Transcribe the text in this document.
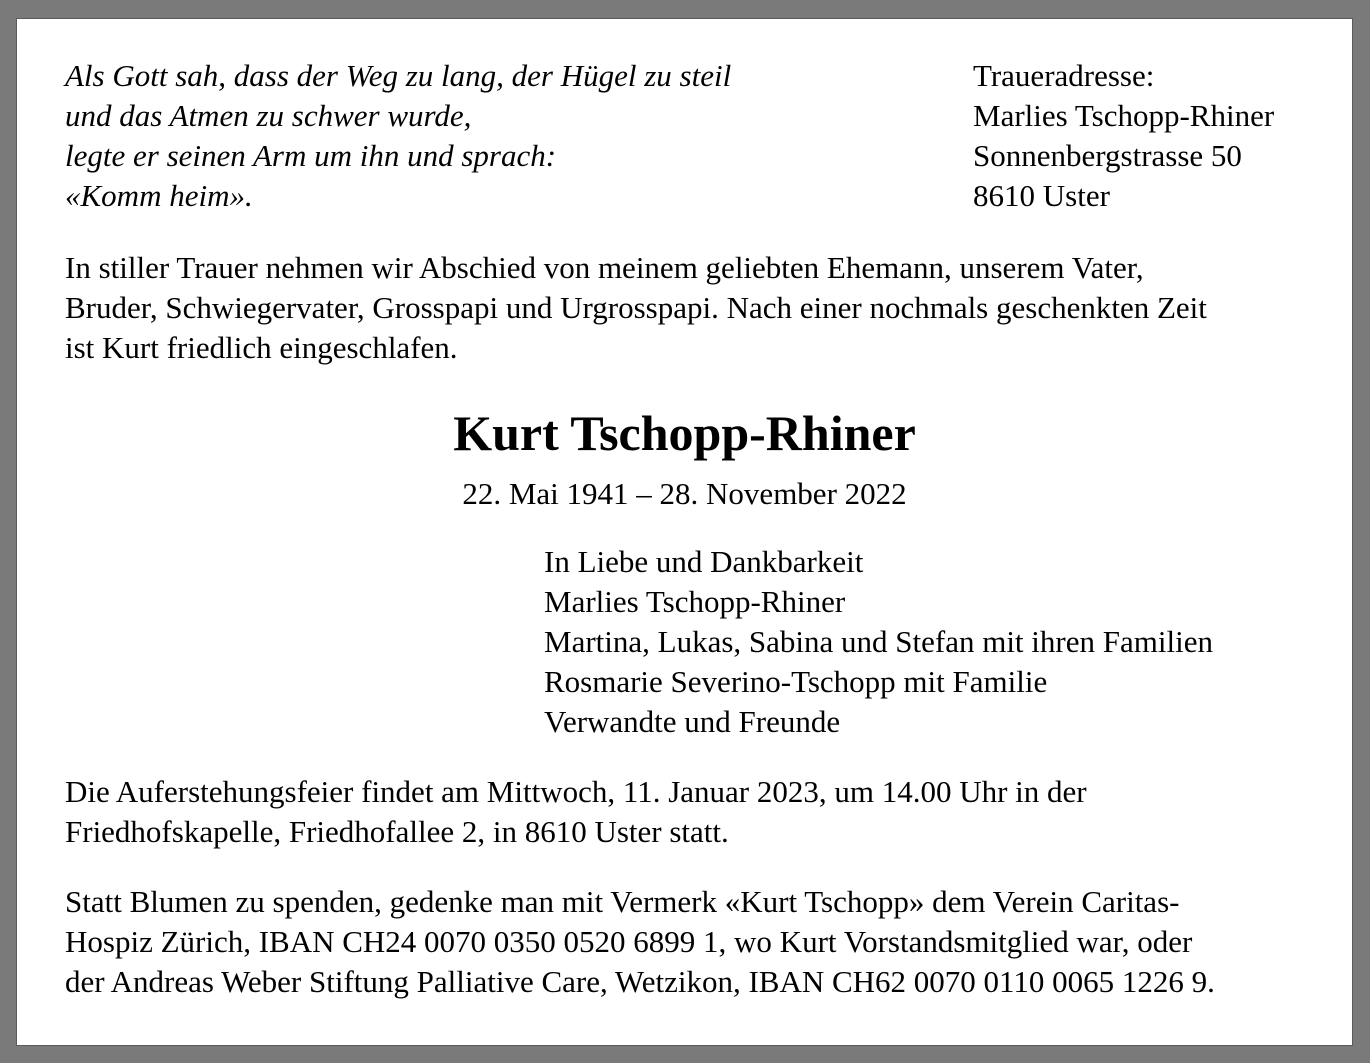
Als Gott sah, dass der Weg zu lang, der Hügel zu steil
und das Atmen zu schwer wurde,
legte er seinen Arm um ihn und sprach:
«Komm heim».
Traueradresse:
Marlies Tschopp-Rhiner
Sonnenbergstrasse 50
8610 Uster
In stiller Trauer nehmen wir Abschied von meinem geliebten Ehemann, unserem Vater,
Bruder, Schwiegervater, Grosspapi und Urgrosspapi. Nach einer nochmals geschenkten Zeit
ist Kurt friedlich eingeschlafen.
Kurt Tschopp-Rhiner
22. Mai 1941 – 28. November 2022
In Liebe und Dankbarkeit
Marlies Tschopp-Rhiner
Martina, Lukas, Sabina und Stefan mit ihren Familien
Rosmarie Severino-Tschopp mit Familie
Verwandte und Freunde
Die Auferstehungsfeier findet am Mittwoch, 11. Januar 2023, um 14.00 Uhr in der
Friedhofskapelle, Friedhofallee 2, in 8610 Uster statt.
Statt Blumen zu spenden, gedenke man mit Vermerk «Kurt Tschopp» dem Verein Caritas-
Hospiz Zürich, IBAN CH24 0070 0350 0520 6899 1, wo Kurt Vorstandsmitglied war, oder
der Andreas Weber Stiftung Palliative Care, Wetzikon, IBAN CH62 0070 0110 0065 1226 9.
